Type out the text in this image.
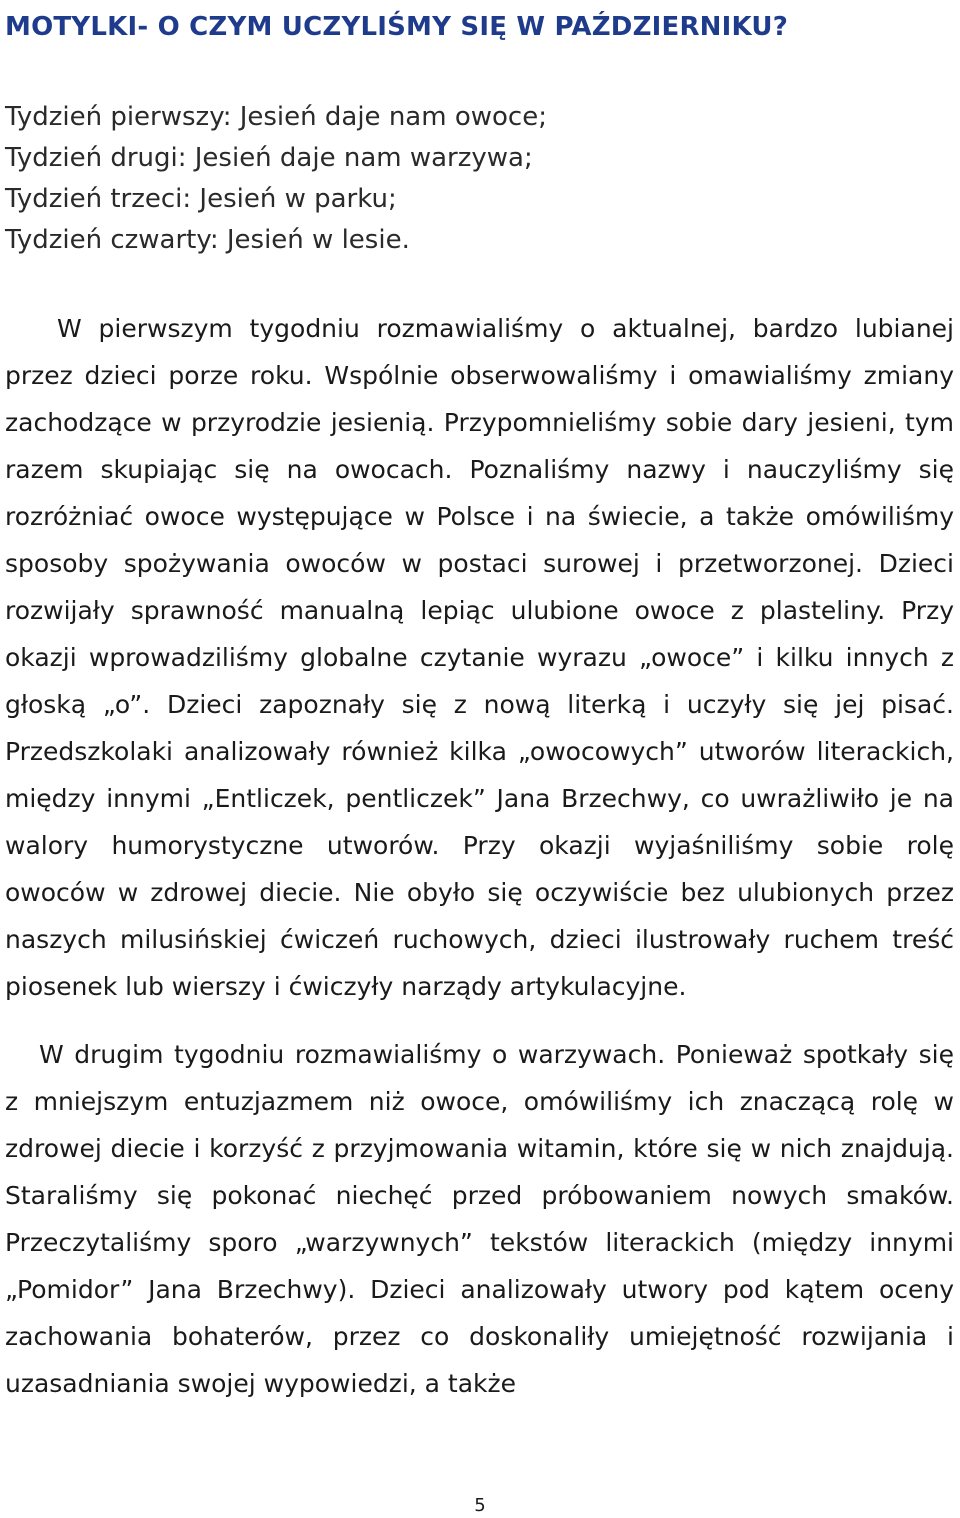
MOTYLKI- O CZYM UCZYLIŚMY SIĘ W PAŹDZIERNIKU?
Tydzień pierwszy: Jesień daje nam owoce;
Tydzień drugi: Jesień daje nam warzywa;
Tydzień trzeci: Jesień w parku;
Tydzień czwarty: Jesień w lesie.

W pierwszym tygodniu rozmawialiśmy o aktualnej, bardzo lubianej przez dzieci porze roku. Wspólnie obserwowaliśmy i omawialiśmy zmiany zachodzące w przyrodzie jesienią. Przypomnieliśmy sobie dary jesieni, tym razem skupiając się na owocach. Poznaliśmy nazwy i nauczyliśmy się rozróżniać owoce występujące w Polsce i na świecie, a także omówiliśmy sposoby spożywania owoców w postaci surowej i przetworzonej. Dzieci rozwijały sprawność manualną lepiąc ulubione owoce z plasteliny. Przy okazji wprowadziliśmy globalne czytanie wyrazu „owoce” i kilku innych z głoską „o”. Dzieci zapoznały się z nową literką i uczyły się jej pisać. Przedszkolaki analizowały również kilka „owocowych” utworów literackich, między innymi „Entliczek, pentliczek” Jana Brzechwy, co uwrażliwiło je na walory humorystyczne utworów. Przy okazji wyjaśniliśmy sobie rolę owoców w zdrowej diecie. Nie obyło się oczywiście bez ulubionych przez naszych milusińskiej ćwiczeń ruchowych, dzieci ilustrowały ruchem treść piosenek lub wierszy i ćwiczyły narządy artykulacyjne.

W drugim tygodniu rozmawialiśmy o warzywach. Ponieważ spotkały się z mniejszym entuzjazmem niż owoce, omówiliśmy ich znaczącą rolę w zdrowej diecie i korzyść z przyjmowania witamin, które się w nich znajdują. Staraliśmy się pokonać niechęć przed próbowaniem nowych smaków. Przeczytaliśmy sporo „warzywnych” tekstów literackich (między innymi „Pomidor” Jana Brzechwy). Dzieci analizowały utwory pod kątem oceny zachowania bohaterów, przez co doskonaliły umiejętność rozwijania i uzasadniania swojej wypowiedzi, a także

5
